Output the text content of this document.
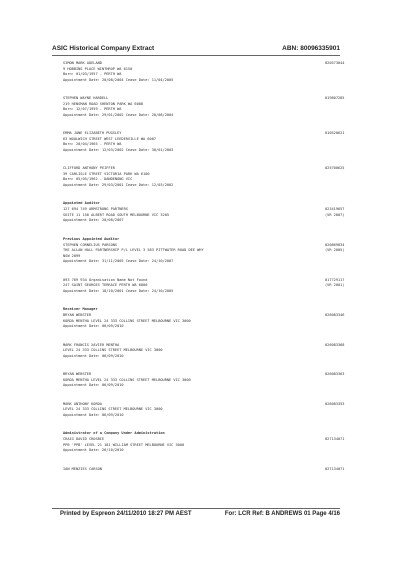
ASIC Historical Company Extract	ABN: 80096335901
SIMON MARK ADELAND
9 HOBBINS PLACE WINTHROP WA 6150
Born: 01/03/1957 - PERTH WA
Appointment Date: 20/08/2004 Cease Date: 11/04/2005
020573044
STEPHEN WAYNE HARDELL
219 HENSMAN ROAD SHENTON PARK WA 6008
Born: 12/07/1959 - PERTH WA
Appointment Date: 29/01/2002 Cease Date: 20/08/2004
019807285
EMMA JANE ELIZABETH PUGSLEY
63 WOOLWICH STREET WEST LEEDERVILLE WA 6007
Born: 20/04/1965 - PERTH WA
Appointment Date: 12/03/2002 Cease Date: 30/01/2003
010520621
CLIFFORD ANTHONY PEIFFER
39 CARLISLE STREET VICTORIA PARK WA 6100
Born: 05/05/1962 - DANDENONG VIC
Appointment Date: 29/03/2001 Cease Date: 12/03/2002
025700625
Appointed Auditor
127 694 749 ARMSTRONG PARTNERS
SUITE 11 150 ALBERT ROAD SOUTH MELBOURNE VIC 3205
Appointment Date: 20/08/2007
023419657
(VR 2007)
Previous Appointed Auditor
STEPHEN CORNELIUS PARSONS
THE ALLAN HALL PARTNERSHIP P/L LEVEL 3 583 PITTWATER ROAD DEE WHY
NSW 2099
Appointment Date: 31/11/2005 Cease Date: 24/10/2007
020869834
(VR 2005)
093 769 934 Organisation Name Not Found
247 SAINT GEORGES TERRACE PERTH WA 6000
Appointment Date: 18/10/2001 Cease Date: 24/10/2005
017729117
(VR 2001)
Receiver Manager
BRYAN WEBSTER
KORDA MENTHA LEVEL 24 333 COLLINS STREET MELBOURNE VIC 3000
Appointment Date: 06/09/2010
026083346
MARK FRANCIS XAVIER MENTHA
LEVEL 24 333 COLLINS STREET MELBOURNE VIC 3000
Appointment Date: 06/09/2010
026083368
BRYAN WEBSTER
KORDA MENTHA LEVEL 24 333 COLLINS STREET MELBOURNE VIC 3000
Appointment Date: 06/09/2010
026083363
MARK ANTHONY KORDA
LEVEL 24 333 COLLINS STREET MELBOURNE VIC 3000
Appointment Date: 06/09/2010
026083353
Administrator of a Company Under Administration
CRAIG DAVID CROSBIE
PPB 'PPB' LEVEL 21 181 WILLIAM STREET MELBOURNE VIC 3000
Appointment Date: 26/10/2010
027134071
IAN MENZIES CARSON	027134071
Printed by Espreon 24/11/2010 18:27 PM AEST	For: LCR Ref: B ANDREWS 01 Page 4/16
